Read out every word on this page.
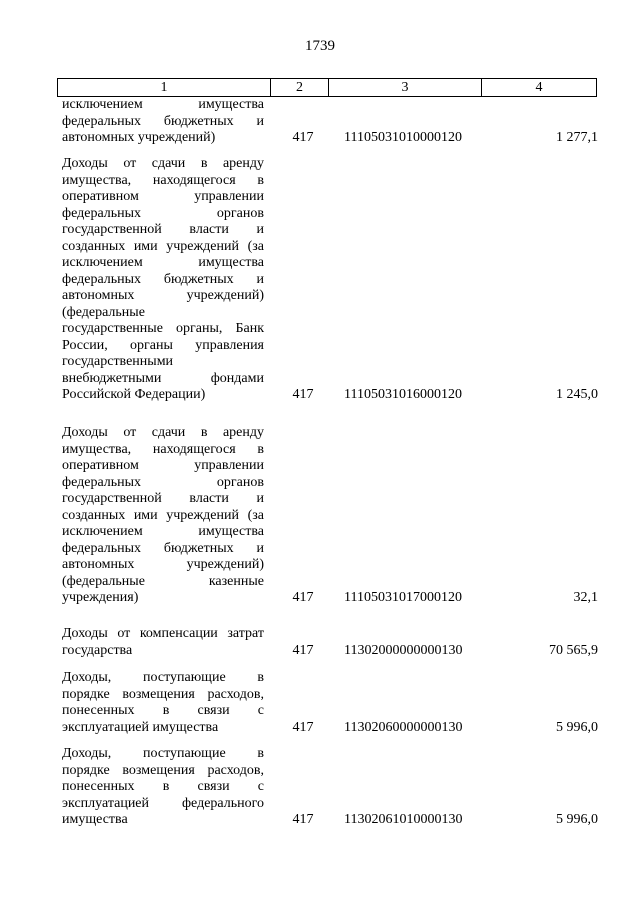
1739
1	2	3	4
исключением имущества
федеральных бюджетных и
автономных учреждений)	417	11105031010000120	1 277,1
Доходы от сдачи в аренду
имущества, находящегося в
оперативном управлении
федеральных органов
государственной власти и
созданных ими учреждений (за
исключением имущества
федеральных бюджетных и
автономных учреждений)
(федеральные
государственные органы, Банк
России, органы управления
государственными
внебюджетными фондами
Российской Федерации)	417	11105031016000120	1 245,0
Доходы от сдачи в аренду
имущества, находящегося в
оперативном управлении
федеральных органов
государственной власти и
созданных ими учреждений (за
исключением имущества
федеральных бюджетных и
автономных учреждений)
(федеральные казенные
учреждения)	417	11105031017000120	32,1
Доходы от компенсации затрат
государства	417	11302000000000130	70 565,9
Доходы, поступающие в
порядке возмещения расходов,
понесенных в связи с
эксплуатацией имущества	417	11302060000000130	5 996,0
Доходы, поступающие в
порядке возмещения расходов,
понесенных в связи с
эксплуатацией федерального
имущества	417	11302061010000130	5 996,0
